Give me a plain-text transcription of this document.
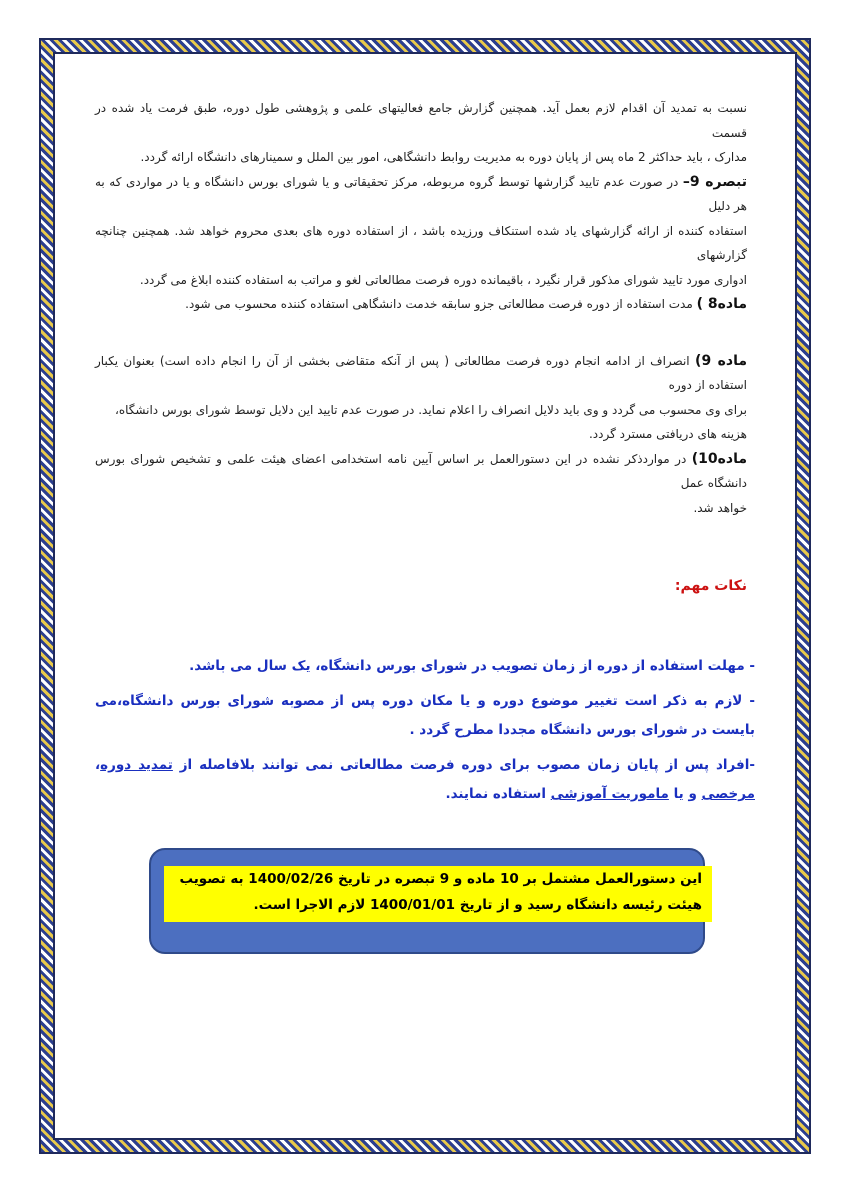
نسبت به تمدید آن اقدام لازم بعمل آید. همچنین گزارش جامع فعالیتهای علمی و پژوهشی طول دوره، طبق فرمت یاد شده در قسمت
مدارک ، باید حداکثر 2 ماه پس از پایان دوره به مدیریت روابط دانشگاهی، امور بین الملل و سمینارهای دانشگاه ارائه گردد.

تبصره 9– در صورت عدم تایید گزارشها توسط گروه مربوطه، مرکز تحقیقاتی و یا شورای بورس دانشگاه و یا در مواردی که به هر دلیل
استفاده کننده از ارائه گزارشهای یاد شده استنکاف ورزیده باشد ، از استفاده دوره های بعدی محروم خواهد شد. همچنین چنانچه گزارشهای
ادواری مورد تایید شورای مذکور قرار نگیرد ، باقیمانده دوره فرصت مطالعاتی لغو و مراتب به استفاده کننده ابلاغ می گردد.

ماده8 ) مدت استفاده از دوره فرصت مطالعاتی جزو سابقه خدمت دانشگاهی استفاده کننده محسوب می شود.

ماده 9) انصراف از ادامه انجام دوره فرصت مطالعاتی ( پس از آنکه متقاضی بخشی از آن را انجام داده است) بعنوان یکبار استفاده از دوره
برای وی محسوب می گردد و وی باید دلایل انصراف را اعلام نماید. در صورت عدم تایید این دلایل توسط شورای بورس دانشگاه،
هزینه های دریافتی مسترد گردد.

ماده10) در مواردذکر نشده در این دستورالعمل بر اساس آیین نامه استخدامی اعضای هیئت علمی و تشخیص شورای بورس دانشگاه عمل
خواهد شد.

نکات مهم:

- مهلت استفاده از دوره از زمان تصویب در شورای بورس دانشگاه، یک سال می باشد.

- لازم به ذکر است تغییر موضوع دوره و یا مکان دوره پس از مصوبه شورای بورس دانشگاه،می بایست در شورای بورس دانشگاه مجددا مطرح گردد .

-افراد پس از پایان زمان مصوب برای دوره فرصت مطالعاتی نمی توانند بلافاصله از تمدید دوره، مرخصی و یا ماموریت آموزشی استفاده نمایند.

این دستورالعمل مشتمل بر 10 ماده و 9 تبصره در تاریخ 1400/02/26 به تصویب

هیئت رئیسه دانشگاه رسید و از تاریخ 1400/01/01 لازم الاجرا است.
